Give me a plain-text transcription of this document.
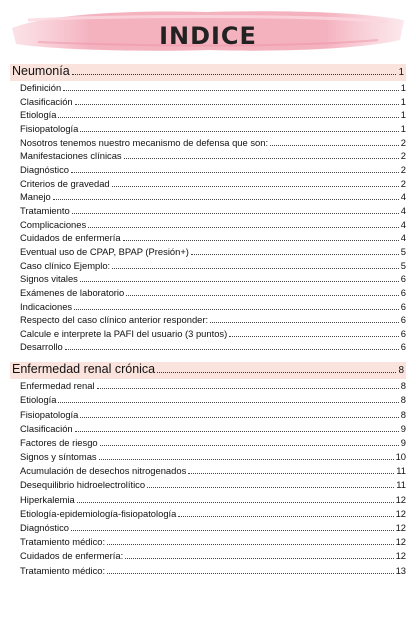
INDICE
Neumonía	1
Definición	1
Clasificación	1
Etiología	1
Fisiopatología	1
Nosotros tenemos nuestro mecanismo de defensa que son:	2
Manifestaciones clínicas	2
Diagnóstico	2
Criterios de gravedad	2
Manejo	4
Tratamiento	4
Complicaciones	4
Cuidados de enfermería	4
Eventual uso de CPAP, BPAP (Presión+)	5
Caso clínico Ejemplo:	5
Signos vitales	6
Exámenes de laboratorio	6
Indicaciones	6
Respecto del caso clínico anterior responder:	6
Calcule e interprete la PAFI del usuario (3 puntos)	6
Desarrollo	6
Enfermedad renal crónica	8
Enfermedad renal	8
Etiología	8
Fisiopatología	8
Clasificación	9
Factores de riesgo	9
Signos y síntomas	10
Acumulación de desechos nitrogenados	11
Desequilibrio hidroelectrolítico	11
Hiperkalemia	12
Etiología-epidemiología-fisiopatología	12
Diagnóstico	12
Tratamiento médico:	12
Cuidados de enfermería:	12
Tratamiento médico:	13
